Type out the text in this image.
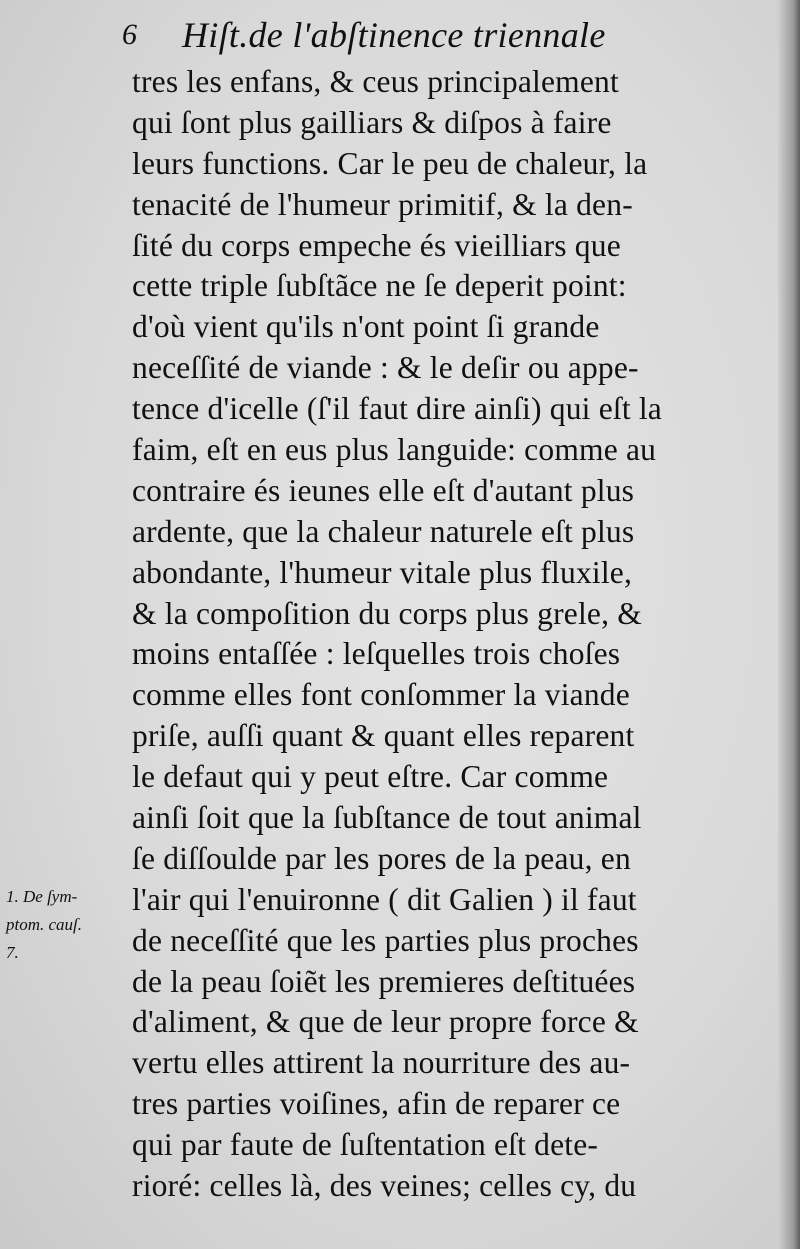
6 Hiſt.de l'abſtinence triennale
tres les enfans, & ceus principalement
qui ſont plus gailliars & diſpos à faire
leurs functions. Car le peu de chaleur, la
tenacité de l'humeur primitif, & la den-
ſité du corps empeche és vieilliars que
cette triple ſubſtãce ne ſe deperit point:
d'où vient qu'ils n'ont point ſi grande
neceſſité de viande : & le deſir ou appe-
tence d'icelle (ſ'il faut dire ainſi) qui eſt la
faim, eſt en eus plus languide: comme au
contraire és ieunes elle eſt d'autant plus
ardente, que la chaleur naturele eſt plus
abondante, l'humeur vitale plus fluxile,
& la compoſition du corps plus grele, &
moins entaſſée : leſquelles trois choſes
comme elles font conſommer la viande
priſe, auſſi quant & quant elles reparent
le defaut qui y peut eſtre. Car comme
ainſi ſoit que la ſubſtance de tout animal
ſe diſſoulde par les pores de la peau, en
l'air qui l'enuironne ( dit Galien ) il faut
de neceſſité que les parties plus proches
de la peau ſoiẽt les premieres deſtituées
d'aliment, & que de leur propre force &
vertu elles attirent la nourriture des au-
tres parties voiſines, afin de reparer ce
qui par faute de ſuſtentation eſt dete-
rioré: celles là, des veines; celles cy, du
1. De ſym-
ptom. cauſ.
7.
